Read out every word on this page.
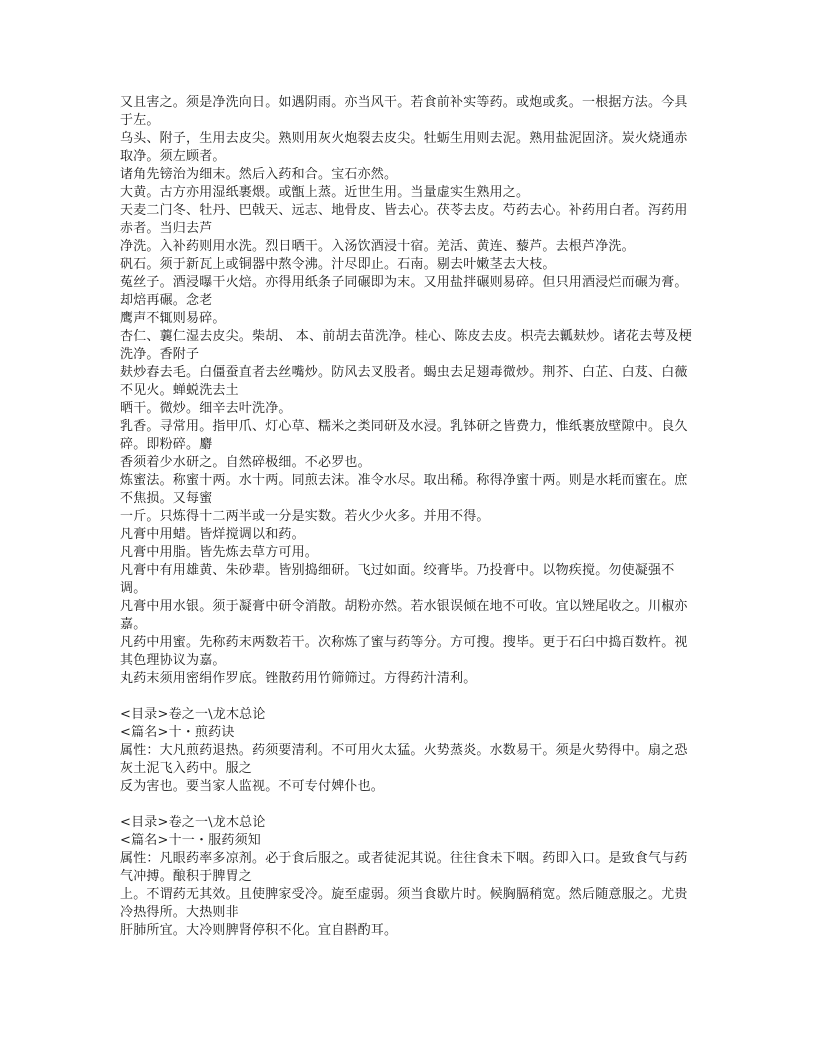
又且害之。须是净洗向日。如遇阴雨。亦当风干。若食前补实等药。或炮或炙。一根据方法。今具于左。

乌头、附子，生用去皮尖。熟则用灰火炮裂去皮尖。牡蛎生用则去泥。熟用盐泥固济。炭火烧通赤取净。须左顾者。

诸角先镑治为细末。然后入药和合。宝石亦然。

大黄。古方亦用湿纸裹煨。或甑上蒸。近世生用。当量虚实生熟用之。

天麦二门冬、牡丹、巴戟天、远志、地骨皮、皆去心。茯苓去皮。芍药去心。补药用白者。泻药用赤者。当归去芦

净洗。入补药则用水洗。烈日晒干。入汤饮酒浸十宿。羌活、黄连、藜芦。去根芦净洗。

矾石。须于新瓦上或铜器中熬令沸。汁尽即止。石南。剔去叶嫩茎去大枝。

菟丝子。酒浸曝干火焙。亦得用纸条子同碾即为末。又用盐拌碾则易碎。但只用酒浸烂而碾为膏。却焙再碾。念老

鹰声不辄则易碎。

杏仁、蘘仁湿去皮尖。柴胡、 本、前胡去苗洗净。桂心、陈皮去皮。枳壳去瓤麸炒。诸花去萼及梗洗净。香附子

麸炒舂去毛。白僵蚕直者去丝嘴炒。防风去叉股者。蝎虫去足翅毒微炒。荆芥、白芷、白芨、白薇不见火。蝉蜕洗去土

晒干。微炒。细辛去叶洗净。

乳香。寻常用。指甲爪、灯心草、糯米之类同研及水浸。乳钵研之皆费力，惟纸裹放壁隙中。良久碎。即粉碎。麝

香须着少水研之。自然碎极细。不必罗也。

炼蜜法。称蜜十两。水十两。同煎去沫。准令水尽。取出稀。称得净蜜十两。则是水耗而蜜在。庶不焦损。又每蜜

一斤。只炼得十二两半或一分是实数。若火少火多。并用不得。

凡膏中用蜡。皆烊搅调以和药。

凡膏中用脂。皆先炼去草方可用。

凡膏中有用雄黄、朱砂辈。皆别捣细研。飞过如面。绞膏毕。乃投膏中。以物疾搅。勿使凝强不调。

凡膏中用水银。须于凝膏中研令消散。胡粉亦然。若水银误倾在地不可收。宜以矬尾收之。川椒亦嘉。

凡药中用蜜。先称药末两数若干。次称炼了蜜与药等分。方可搜。搜毕。更于石臼中捣百数杵。视其色理协议为嘉。

丸药末须用密绢作罗底。锉散药用竹筛筛过。方得药汁清利。

<目录>卷之一\龙木总论

<篇名>十・煎药诀

属性：大凡煎药退热。药须要清利。不可用火太猛。火势蒸炎。水数易干。须是火势得中。扇之恐灰土泥飞入药中。服之

反为害也。要当家人监视。不可专付婢仆也。

<目录>卷之一\龙木总论

<篇名>十一・服药须知

属性：凡眼药率多凉剂。必于食后服之。或者徒泥其说。往往食未下咽。药即入口。是致食气与药气冲搏。酿积于脾胃之

上。不谓药无其效。且使脾家受冷。旋至虚弱。须当食歇片时。候胸膈稍宽。然后随意服之。尤贵冷热得所。大热则非

肝肺所宜。大冷则脾肾停积不化。宜自斟酌耳。
